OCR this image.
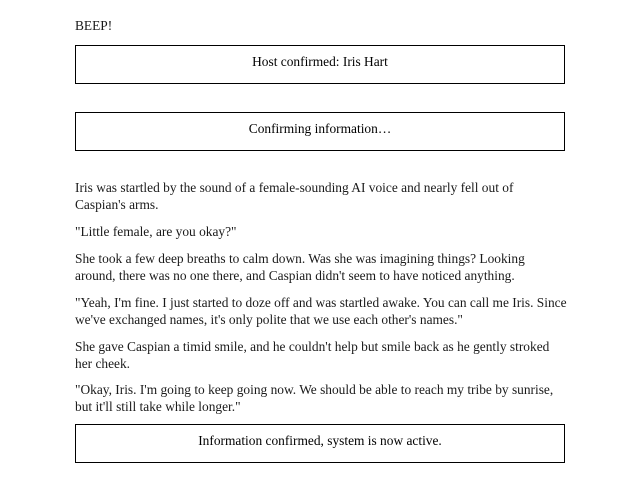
BEEP!

Host confirmed: Iris Hart
Confirming information…

Iris was startled by the sound of a female-sounding AI voice and nearly fell out of Caspian's arms.

"Little female, are you okay?"

She took a few deep breaths to calm down. Was she was imagining things? Looking around, there was no one there, and Caspian didn't seem to have noticed anything.

"Yeah, I'm fine. I just started to doze off and was startled awake. You can call me Iris. Since we've exchanged names, it's only polite that we use each other's names."

She gave Caspian a timid smile, and he couldn't help but smile back as he gently stroked her cheek.

"Okay, Iris. I'm going to keep going now. We should be able to reach my tribe by sunrise, but it'll still take while longer."

Information confirmed, system is now active.
